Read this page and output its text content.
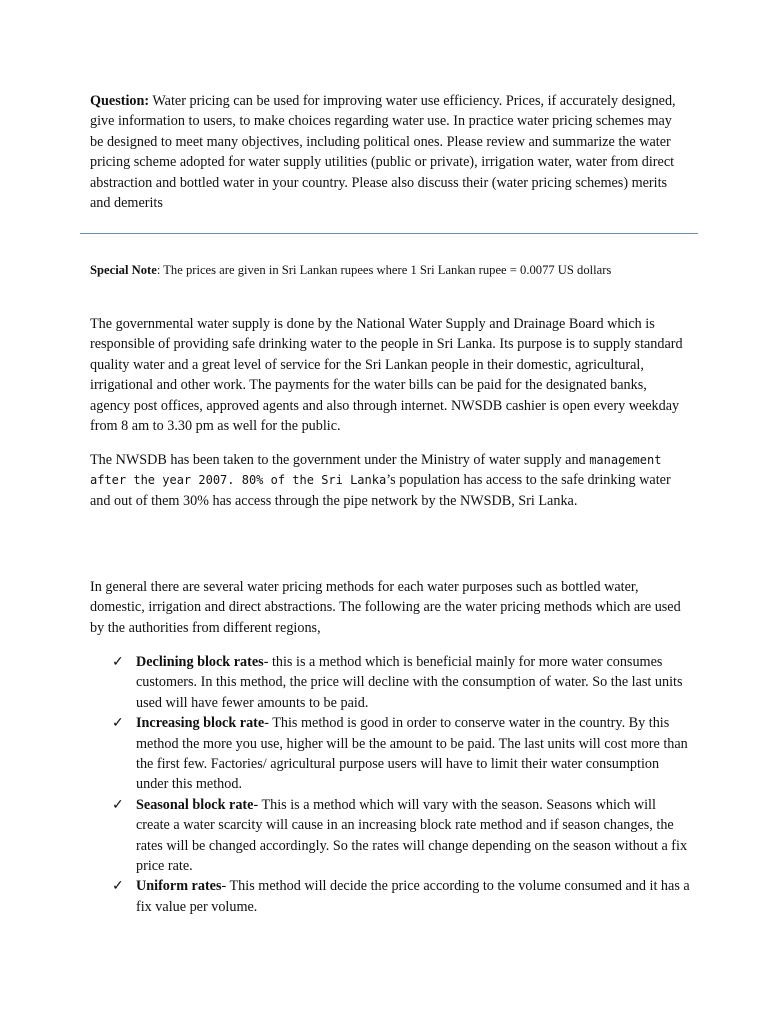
Question: Water pricing can be used for improving water use efficiency. Prices, if accurately designed, give information to users, to make choices regarding water use. In practice water pricing schemes may be designed to meet many objectives, including political ones. Please review and summarize the water pricing scheme adopted for water supply utilities (public or private), irrigation water, water from direct abstraction and bottled water in your country. Please also discuss their (water pricing schemes) merits and demerits

Special Note: The prices are given in Sri Lankan rupees where 1 Sri Lankan rupee = 0.0077 US dollars

The governmental water supply is done by the National Water Supply and Drainage Board which is responsible of providing safe drinking water to the people in Sri Lanka. Its purpose is to supply standard quality water and a great level of service for the Sri Lankan people in their domestic, agricultural, irrigational and other work. The payments for the water bills can be paid for the designated banks, agency post offices, approved agents and also through internet. NWSDB cashier is open every weekday from 8 am to 3.30 pm as well for the public.

The NWSDB has been taken to the government under the Ministry of water supply and management after the year 2007. 80% of the Sri Lanka’s population has access to the safe drinking water and out of them 30% has access through the pipe network by the NWSDB, Sri Lanka.

In general there are several water pricing methods for each water purposes such as bottled water, domestic, irrigation and direct abstractions. The following are the water pricing methods which are used by the authorities from different regions,

✓ Declining block rates- this is a method which is beneficial mainly for more water consumes customers. In this method, the price will decline with the consumption of water. So the last units used will have fewer amounts to be paid.
✓ Increasing block rate- This method is good in order to conserve water in the country. By this method the more you use, higher will be the amount to be paid. The last units will cost more than the first few. Factories/ agricultural purpose users will have to limit their water consumption under this method.
✓ Seasonal block rate- This is a method which will vary with the season. Seasons which will create a water scarcity will cause in an increasing block rate method and if season changes, the rates will be changed accordingly. So the rates will change depending on the season without a fix price rate.
✓ Uniform rates- This method will decide the price according to the volume consumed and it has a fix value per volume.
